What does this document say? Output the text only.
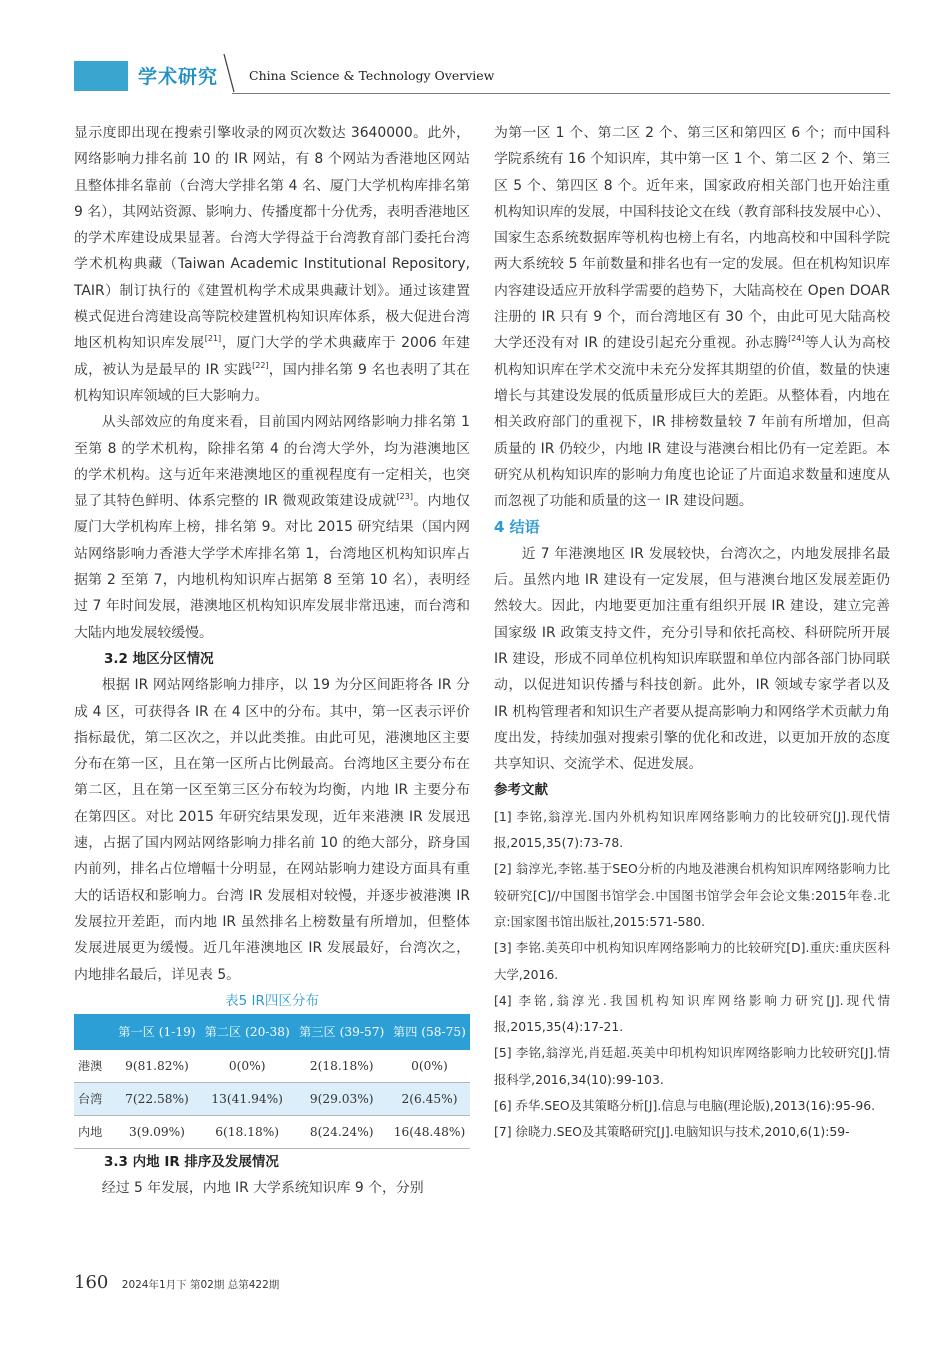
学术研究 China Science & Technology Overview

显示度即出现在搜索引擎收录的网页次数达 3640000。此外，网络影响力排名前 10 的 IR 网站，有 8 个网站为香港地区网站且整体排名靠前（台湾大学排名第 4 名、厦门大学机构库排名第 9 名），其网站资源、影响力、传播度都十分优秀，表明香港地区的学术库建设成果显著。台湾大学得益于台湾教育部门委托台湾学术机构典藏（Taiwan Academic Institutional Repository, TAIR）制订执行的《建置机构学术成果典藏计划》。通过该建置模式促进台湾建设高等院校建置机构知识库体系，极大促进台湾地区机构知识库发展[21]，厦门大学的学术典藏库于 2006 年建成，被认为是最早的 IR 实践[22]，国内排名第 9 名也表明了其在机构知识库领域的巨大影响力。

从头部效应的角度来看，目前国内网站网络影响力排名第 1 至第 8 的学术机构，除排名第 4 的台湾大学外，均为港澳地区的学术机构。这与近年来港澳地区的重视程度有一定相关，也突显了其特色鲜明、体系完整的 IR 微观政策建设成就[23]。内地仅厦门大学机构库上榜，排名第 9。对比 2015 研究结果（国内网站网络影响力香港大学学术库排名第 1，台湾地区机构知识库占据第 2 至第 7，内地机构知识库占据第 8 至第 10 名），表明经过 7 年时间发展，港澳地区机构知识库发展非常迅速，而台湾和大陆内地发展较缓慢。

3.2 地区分区情况

根据 IR 网站网络影响力排序，以 19 为分区间距将各 IR 分成 4 区，可获得各 IR 在 4 区中的分布。其中，第一区表示评价指标最优，第二区次之，并以此类推。由此可见，港澳地区主要分布在第一区，且在第一区所占比例最高。台湾地区主要分布在第二区，且在第一区至第三区分布较为均衡，内地 IR 主要分布在第四区。对比 2015 年研究结果发现，近年来港澳 IR 发展迅速，占据了国内网站网络影响力排名前 10 的绝大部分，跻身国内前列，排名占位增幅十分明显，在网站影响力建设方面具有重大的话语权和影响力。台湾 IR 发展相对较慢，并逐步被港澳 IR 发展拉开差距，而内地 IR 虽然排名上榜数量有所增加，但整体发展进展更为缓慢。近几年港澳地区 IR 发展最好，台湾次之，内地排名最后，详见表 5。

表5 IR四区分布
	第一区 (1-19)	第二区 (20-38)	第三区 (39-57)	第四 (58-75)
港澳	9(81.82%)	0(0%)	2(18.18%)	0(0%)
台湾	7(22.58%)	13(41.94%)	9(29.03%)	2(6.45%)
内地	3(9.09%)	6(18.18%)	8(24.24%)	16(48.48%)

3.3 内地 IR 排序及发展情况

经过 5 年发展，内地 IR 大学系统知识库 9 个，分别

为第一区 1 个、第二区 2 个、第三区和第四区 6 个；而中国科学院系统有 16 个知识库，其中第一区 1 个、第二区 2 个、第三区 5 个、第四区 8 个。近年来，国家政府相关部门也开始注重机构知识库的发展，中国科技论文在线（教育部科技发展中心）、国家生态系统数据库等机构也榜上有名，内地高校和中国科学院两大系统较 5 年前数量和排名也有一定的发展。但在机构知识库内容建设适应开放科学需要的趋势下，大陆高校在 Open DOAR 注册的 IR 只有 9 个，而台湾地区有 30 个，由此可见大陆高校大学还没有对 IR 的建设引起充分重视。孙志腾[24]等人认为高校机构知识库在学术交流中未充分发挥其期望的价值，数量的快速增长与其建设发展的低质量形成巨大的差距。从整体看，内地在相关政府部门的重视下，IR 排榜数量较 7 年前有所增加，但高质量的 IR 仍较少，内地 IR 建设与港澳台相比仍有一定差距。本研究从机构知识库的影响力角度也论证了片面追求数量和速度从而忽视了功能和质量的这一 IR 建设问题。

4 结语

近 7 年港澳地区 IR 发展较快，台湾次之，内地发展排名最后。虽然内地 IR 建设有一定发展，但与港澳台地区发展差距仍然较大。因此，内地要更加注重有组织开展 IR 建设，建立完善国家级 IR 政策支持文件，充分引导和依托高校、科研院所开展 IR 建设，形成不同单位机构知识库联盟和单位内部各部门协同联动，以促进知识传播与科技创新。此外，IR 领域专家学者以及 IR 机构管理者和知识生产者要从提高影响力和网络学术贡献力角度出发，持续加强对搜索引擎的优化和改进，以更加开放的态度共享知识、交流学术、促进发展。

参考文献

[1] 李铭,翁淳光.国内外机构知识库网络影响力的比较研究[J].现代情报,2015,35(7):73-78.

[2] 翁淳光,李铭.基于SEO分析的内地及港澳台机构知识库网络影响力比较研究[C]//中国图书馆学会.中国图书馆学会年会论文集:2015年卷.北京:国家图书馆出版社,2015:571-580.

[3] 李铭.美英印中机构知识库网络影响力的比较研究[D].重庆:重庆医科大学,2016.

[4] 李铭,翁淳光.我国机构知识库网络影响力研究[J].现代情报,2015,35(4):17-21.

[5] 李铭,翁淳光,肖廷超.英美中印机构知识库网络影响力比较研究[J].情报科学,2016,34(10):99-103.

[6] 乔华.SEO及其策略分析[J].信息与电脑(理论版),2013(16):95-96.

[7] 徐晓力.SEO及其策略研究[J].电脑知识与技术,2010,6(1):59-

160 2024年1月下 第02期 总第422期
